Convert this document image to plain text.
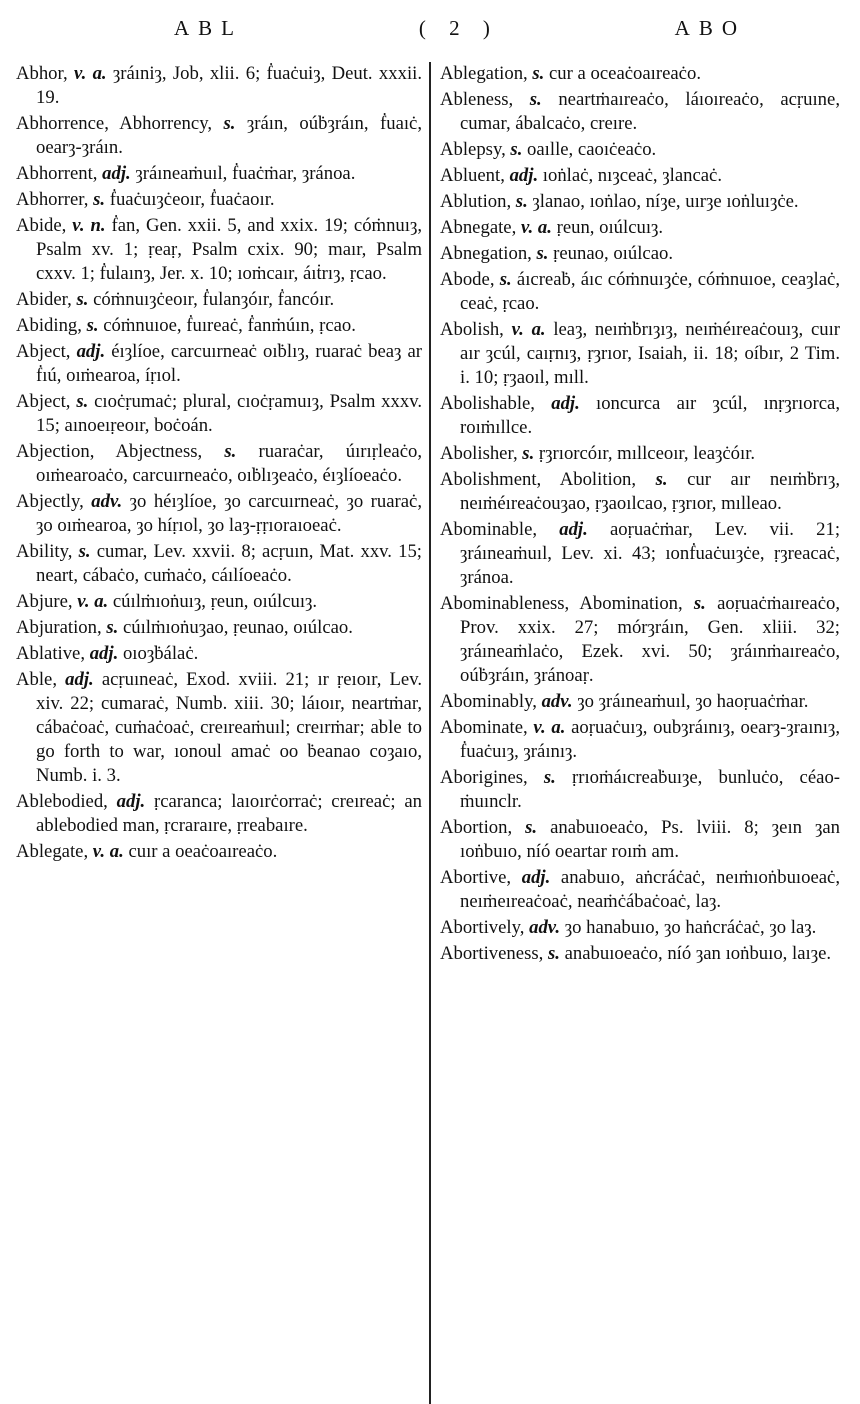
ABL	( 2 )	ABO

Abhor, v. a. ȝráıniȝ, Job, xlii. 6; ḟuaċuiȝ, Deut. xxxii. 19.

Abhorrence, Abhorrency, s. ȝráın, oúḃȝráın, ḟuaıċ, oearȝ-ȝráın.

Abhorrent, adj. ȝráıneaṁuıl, ḟuaċṁar, ȝránoa.

Abhorrer, s. ḟuaċuıȝċeoır, ḟuaċaoır.

Abide, v. n. ḟan, Gen. xxii. 5, and xxix. 19; cóṁnuıȝ, Psalm xv. 1; ṛeaṛ, Psalm cxix. 90; maır, Psalm cxxv. 1; ḟulaınȝ, Jer. x. 10; ıoṁcaır, áıṫrıȝ, ṛcao.

Abider, s. cóṁnuıȝċeoır, ḟulanȝóır, ḟancóır.

Abiding, s. cóṁnuıoe, ḟuıreaċ, ḟanṁúın, ṛcao.

Abject, adj. éıȝlíoe, carcuırneaċ oıḃlıȝ, ruaraċ beaȝ ar ḟıú, oıṁearoa, íṛıol.

Abject, s. cıoċṛumaċ; plural, cıoċṛamuıȝ, Psalm xxxv. 15; aınoeıṛeoır, boċoán.

Abjection, Abjectness, s. ruaraċar, úırıṛleaċo, oıṁearoaċo, carcuırneaċo, oıḃlıȝeaċo, éıȝlíoeaċo.

Abjectly, adv. ȝo héıȝlíoe, ȝo carcuırneaċ, ȝo ruaraċ, ȝo oıṁearoa, ȝo híṛıol, ȝo laȝ-ṛṛıoraıoeaċ.

Ability, s. cumar, Lev. xxvii. 8; acṛuın, Mat. xxv. 15; neart, cábaċo, cuṁaċo, cáılíoeaċo.

Abjure, v. a. cúılṁıoṅuıȝ, ṛeun, oıúlcuıȝ.

Abjuration, s. cúılṁıoṅuȝao, ṛeunao, oıúlcao.

Ablative, adj. oıoȝḃálaċ.

Able, adj. acṛuıneaċ, Exod. xviii. 21; ır ṛeıoır, Lev. xiv. 22; cumaraċ, Numb. xiii. 30; láıoır, neartṁar, cábaċoaċ, cuṁaċoaċ, creıreaṁuıl; creırṁar; able to go forth to war, ıonoul amaċ oo ḃeanao coȝaıo, Numb. i. 3.

Ablebodied, adj. ṛcaranca; laıoırċorraċ; creıreaċ; an ablebodied man, ṛcraraıre, ṛreabaıre.

Ablegate, v. a. cuır a oeaċoaıreaċo.

Ablegation, s. cur a oceaċoaıreaċo.

Ableness, s. neartṁaıreaċo, láıoıreaċo, acṛuıne, cumar, ábalcaċo, creıre.

Ablepsy, s. oaılle, caoıċeaċo.

Abluent, adj. ıoṅlaċ, nıȝceaċ, ȝlancaċ.

Ablution, s. ȝlanao, ıoṅlao, níȝe, uırȝe ıoṅluıȝċe.

Abnegate, v. a. ṛeun, oıúlcuıȝ.

Abnegation, s. ṛeunao, oıúlcao.

Abode, s. áıcreaḃ, áıc cóṁnuıȝċe, cóṁnuıoe, ceaȝlaċ, ceaċ, ṛcao.

Abolish, v. a. leaȝ, neıṁḃrıȝıȝ, neıṁéıreaċouıȝ, cuır aır ȝcúl, caıṛnıȝ, ṛȝrıor, Isaiah, ii. 18; oíbır, 2 Tim. i. 10; ṛȝaoıl, mıll.

Abolishable, adj. ıoncurca aır ȝcúl, ınṛȝrıorca, roıṁıllce.

Abolisher, s. ṛȝrıorcóır, mıllceoır, leaȝċóır.

Abolishment, Abolition, s. cur aır neıṁḃrıȝ, neıṁéıreaċouȝao, ṛȝaoılcao, ṛȝrıor, mılleao.

Abominable, adj. aoṛuaċṁar, Lev. vii. 21; ȝráıneaṁuıl, Lev. xi. 43; ıonḟuaċuıȝċe, ṛȝreacaċ, ȝránoa.

Abominableness, Abomination, s. aoṛuaċṁaıreaċo, Prov. xxix. 27; mórȝráın, Gen. xliii. 32; ȝráıneaṁlaċo, Ezek. xvi. 50; ȝráınṁaıreaċo, oúḃȝráın, ȝránoaṛ.

Abominably, adv. ȝo ȝráıneaṁuıl, ȝo haoṛuaċṁar.

Abominate, v. a. aoṛuaċuıȝ, oubȝráınıȝ, oearȝ-ȝraınıȝ, ḟuaċuıȝ, ȝráınıȝ.

Aborigines, s. ṛrıoṁáıcreaḃuıȝe, bunluċo, céao-ṁuınclr.

Abortion, s. anabuıoeaċo, Ps. lviii. 8; ȝeın ȝan ıoṅbuıo, níó oeartar roıṁ am.

Abortive, adj. anabuıo, aṅcráċaċ, neıṁıoṅbuıoeaċ, neıṁeıreaċoaċ, neaṁċábaċoaċ, laȝ.

Abortively, adv. ȝo hanabuıo, ȝo haṅcráċaċ, ȝo laȝ.

Abortiveness, s. anabuıoeaċo, níó ȝan ıoṅbuıo, laıȝe.
